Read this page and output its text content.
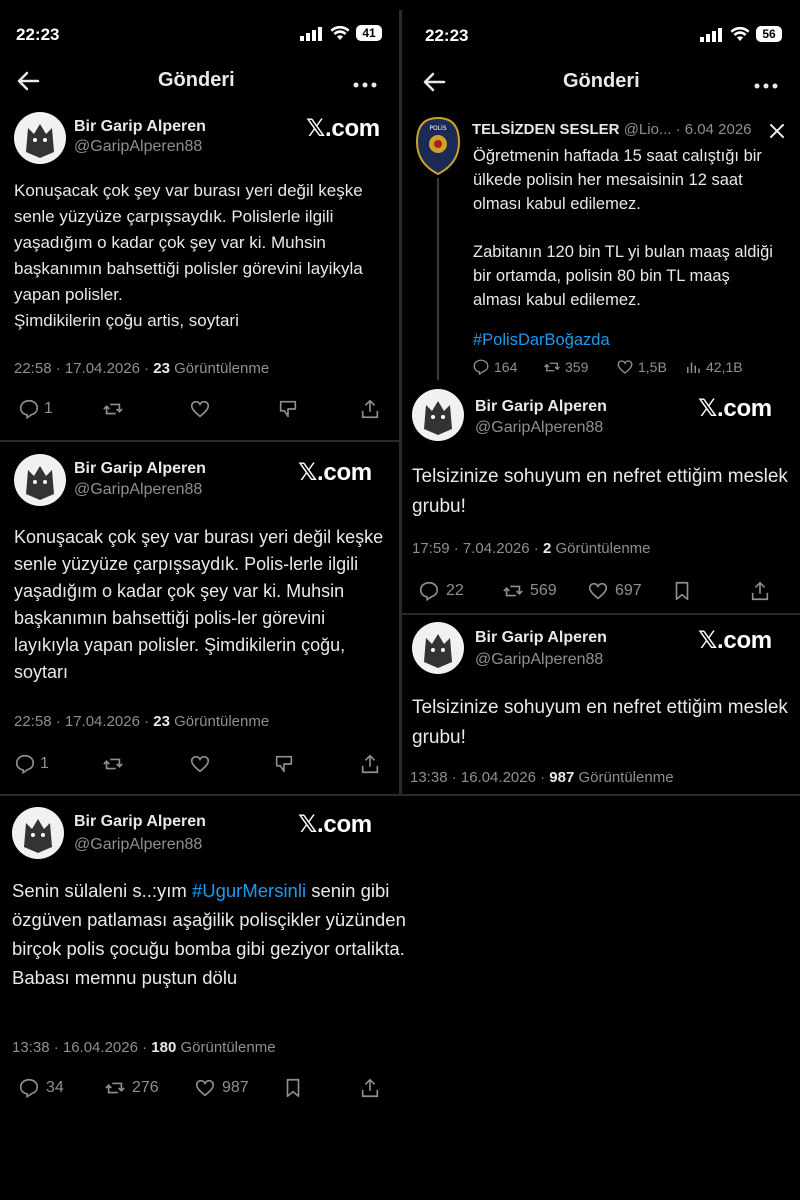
22:23	41
Gönderi
Bir Garip Alperen
@GaripAlperen88
𝕏.com
Konuşacak çok şey var burası yeri değil keşke senle yüzyüze çarpışsaydık. Polislerle ilgili yaşadığım o kadar çok şey var ki. Muhsin başkanımın bahsettiği polisler görevini layikyla yapan polisler.
Şimdikilerin çoğu artis, soytari
22:58 · 17.04.2026 · 23 Görüntülenme
1
Bir Garip Alperen
@GaripAlperen88
𝕏.com
Konuşacak çok şey var burası yeri değil keşke senle yüzyüze çarpışsaydık. Polis-lerle ilgili yaşadığım o kadar çok şey var ki. Muhsin başkanımın bahsettiği polis-ler görevini layıkıyla yapan polisler. Şimdikilerin çoğu, soytarı
22:58 · 17.04.2026 · 23 Görüntülenme
1
Bir Garip Alperen
@GaripAlperen88
𝕏.com
Senin sülaleni s..:yım #UgurMersinli senin gibi özgüven patlaması aşağilik polisçikler yüzünden birçok polis çocuğu bomba gibi geziyor ortalikta. Babası memnu puştun dölu
13:38 · 16.04.2026 · 180 Görüntülenme
34	276	987
22:23	56
Gönderi
POLİS TELSİZDEN SESLER @Lio... · 6.04 2026
Öğretmenin haftada 15 saat calıştığı bir ülkede polisin her mesaisinin 12 saat olması kabul edilemez.
Zabitanın 120 bin TL yi bulan maaş aldiği bir ortamda, polisin 80 bin TL maaş alması kabul edilemez.
#PolisDarBoğazda
164	359	1,5B	42,1B
Bir Garip Alperen
@GaripAlperen88
𝕏.com
Telsizinize sohuyum en nefret ettiğim meslek grubu!
17:59 · 7.04.2026 · 2 Görüntülenme
22	569	697
Bir Garip Alperen
@GaripAlperen88
𝕏.com
Telsizinize sohuyum en nefret ettiğim meslek grubu!
13:38 · 16.04.2026 · 987 Görüntülenme
